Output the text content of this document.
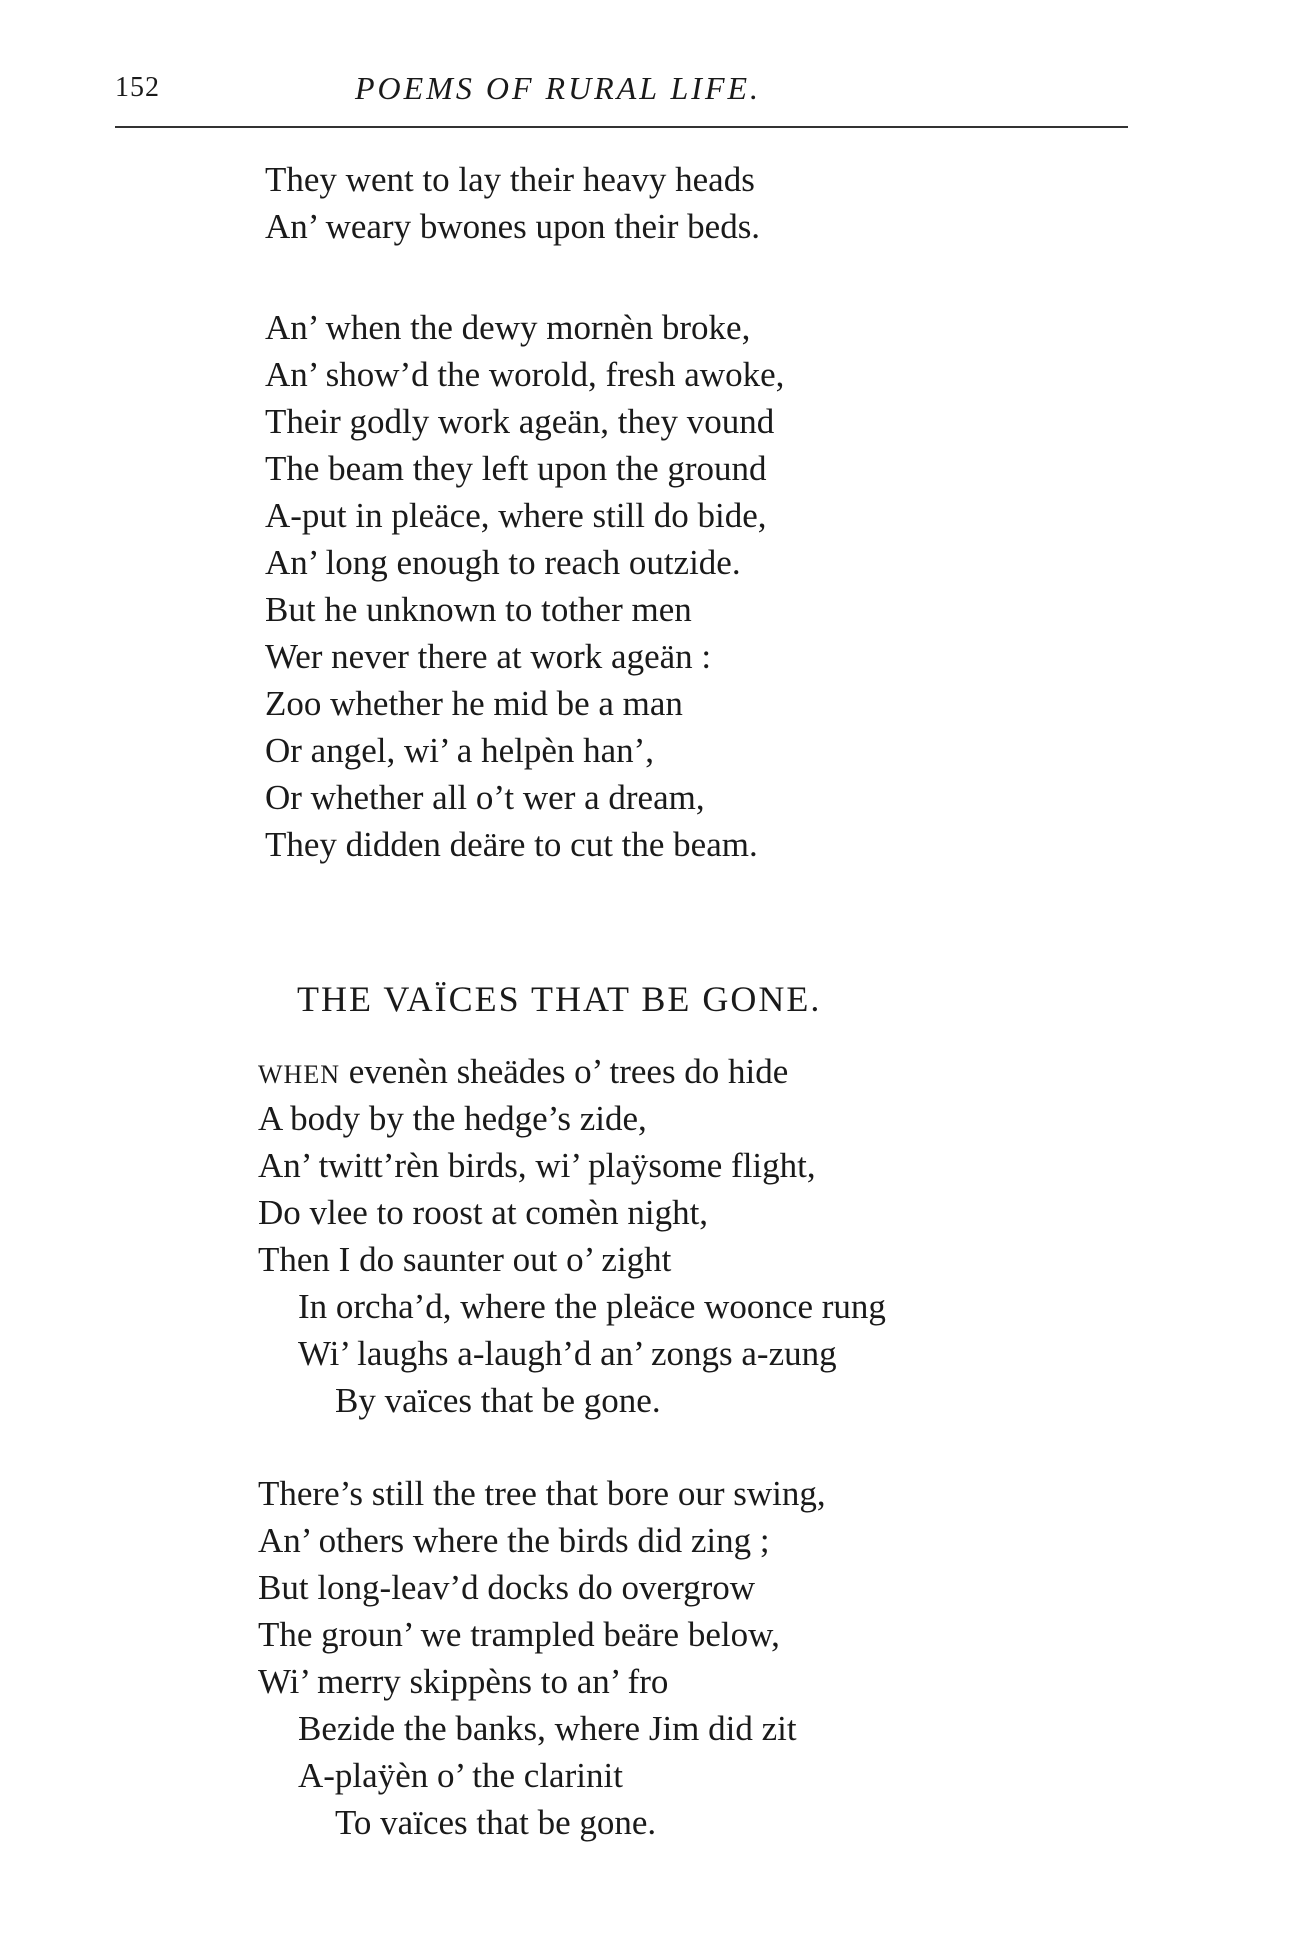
152	POEMS OF RURAL LIFE.
They went to lay their heavy heads
An’ weary bwones upon their beds.
An’ when the dewy mornèn broke,
An’ show’d the worold, fresh awoke,
Their godly work ageän, they vound
The beam they left upon the ground
A-put in pleäce, where still do bide,
An’ long enough to reach outzide.
But he unknown to tother men
Wer never there at work ageän :
Zoo whether he mid be a man
Or angel, wi’ a helpèn han’,
Or whether all o’t wer a dream,
They didden deäre to cut the beam.
THE VAÏCES THAT BE GONE.
WHEN evenèn sheädes o’ trees do hide
A body by the hedge’s zide,
An’ twitt’rèn birds, wi’ plaÿsome flight,
Do vlee to roost at comèn night,
Then I do saunter out o’ zight
In orcha’d, where the pleäce woonce rung
Wi’ laughs a-laugh’d an’ zongs a-zung
By vaïces that be gone.
There’s still the tree that bore our swing,
An’ others where the birds did zing ;
But long-leav’d docks do overgrow
The groun’ we trampled beäre below,
Wi’ merry skippèns to an’ fro
Bezide the banks, where Jim did zit
A-plaÿèn o’ the clarinit
To vaïces that be gone.
